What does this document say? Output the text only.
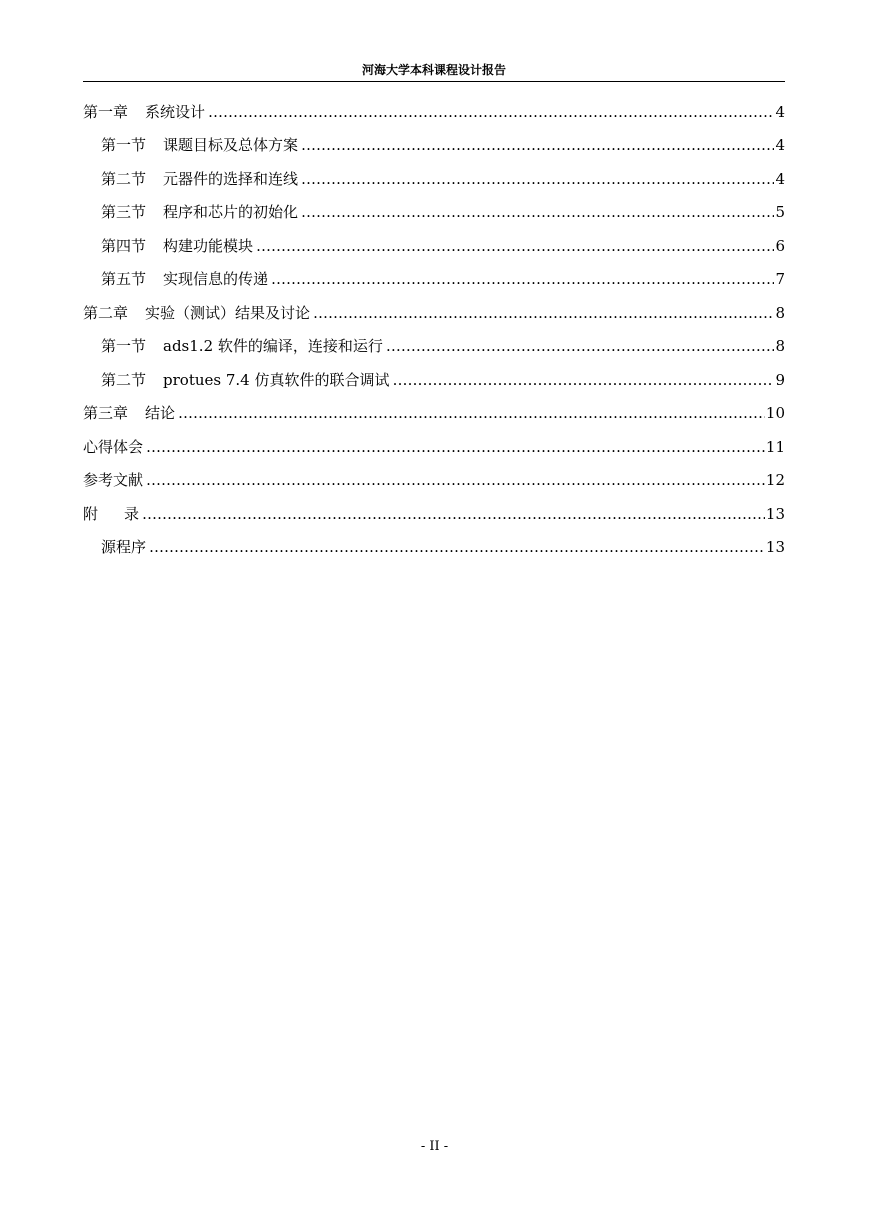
河海大学本科课程设计报告
第一章 系统设计 ……………………………………………………………………………………………………………………………………………………………………………………	4
第一节 课题目标及总体方案 ……………………………………………………………………………………………………………………………………………………………………………………	4
第二节 元器件的选择和连线 ……………………………………………………………………………………………………………………………………………………………………………………	4
第三节 程序和芯片的初始化 ……………………………………………………………………………………………………………………………………………………………………………………	5
第四节 构建功能模块 ……………………………………………………………………………………………………………………………………………………………………………………	6
第五节 实现信息的传递 ……………………………………………………………………………………………………………………………………………………………………………………	7
第二章 实验（测试）结果及讨论 ……………………………………………………………………………………………………………………………………………………………………………………	8
第一节 ads1.2 软件的编译，连接和运行 ……………………………………………………………………………………………………………………………………………………………………………………	8
第二节 protues 7.4 仿真软件的联合调试 ……………………………………………………………………………………………………………………………………………………………………………………	9
第三章 结论 ……………………………………………………………………………………………………………………………………………………………………………………	10
心得体会 ……………………………………………………………………………………………………………………………………………………………………………………	11
参考文献 ……………………………………………………………………………………………………………………………………………………………………………………	12
附 录 ……………………………………………………………………………………………………………………………………………………………………………………	13
源程序 ……………………………………………………………………………………………………………………………………………………………………………………	13
- II -
